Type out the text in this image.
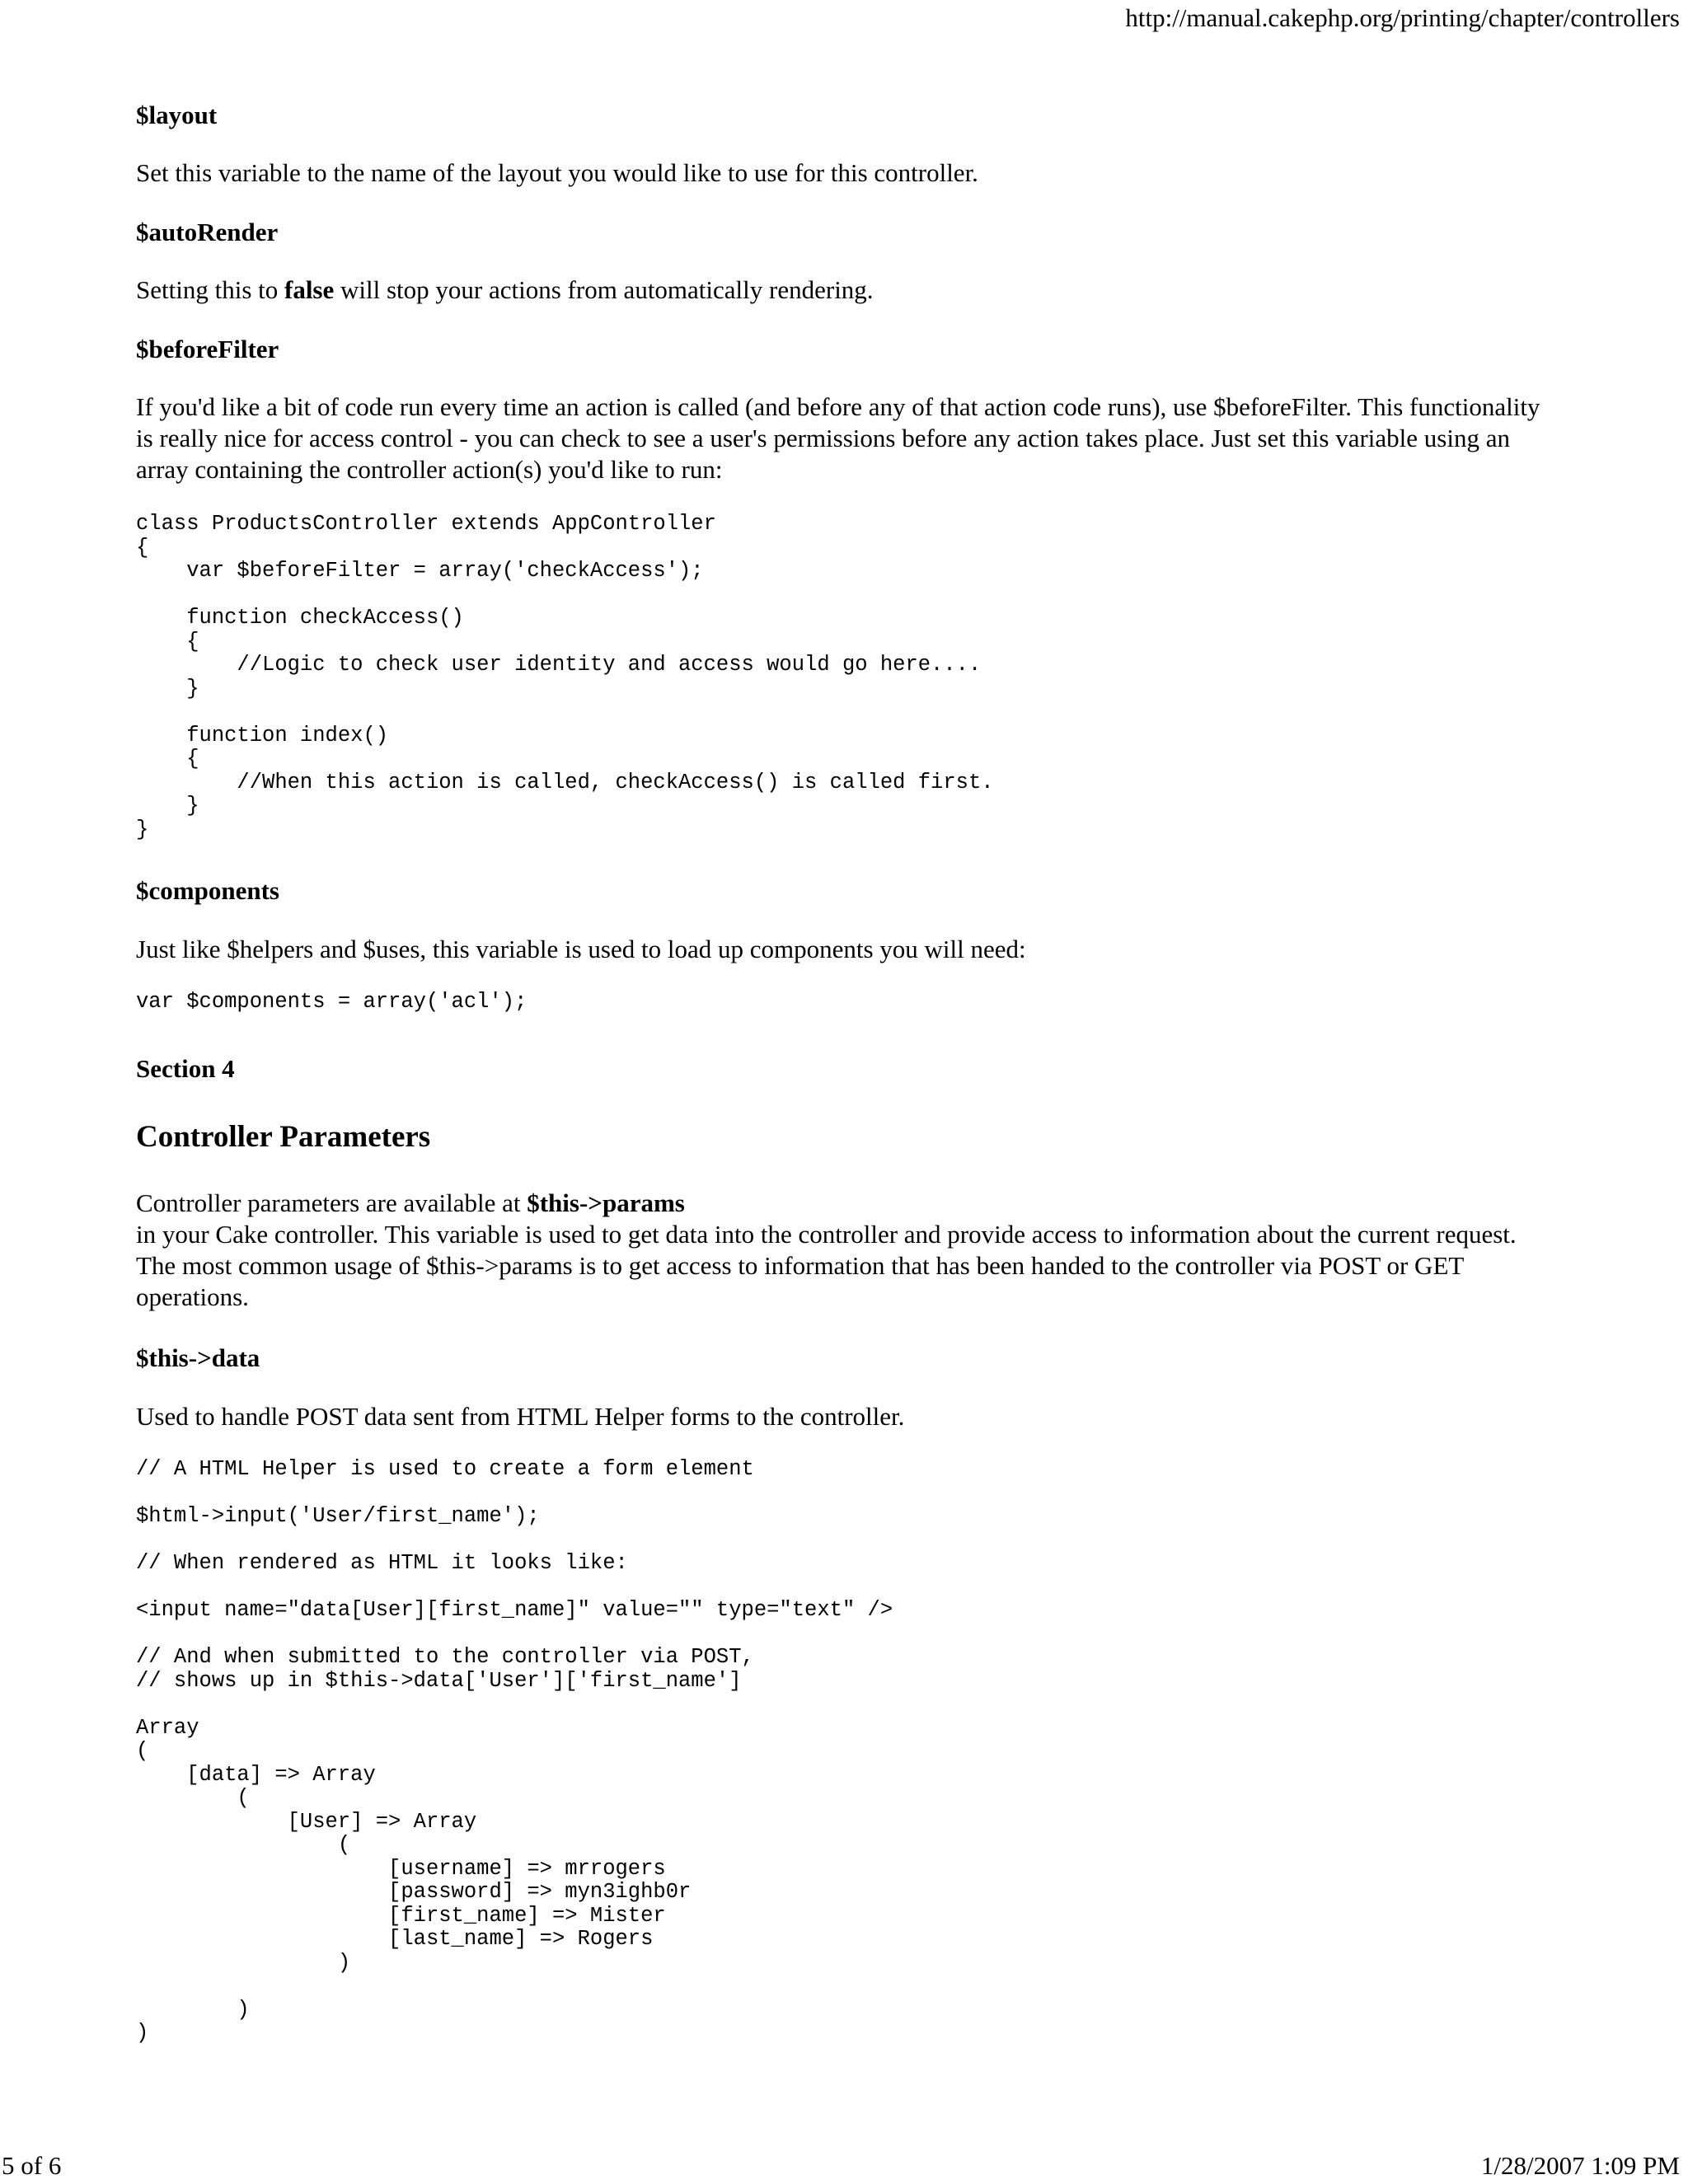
http://manual.cakephp.org/printing/chapter/controllers
$layout
Set this variable to the name of the layout you would like to use for this controller.
$autoRender
Setting this to false will stop your actions from automatically rendering.
$beforeFilter
If you'd like a bit of code run every time an action is called (and before any of that action code runs), use $beforeFilter. This functionality is really nice for access control - you can check to see a user's permissions before any action takes place. Just set this variable using an array containing the controller action(s) you'd like to run:
class ProductsController extends AppController
{
var $beforeFilter = array('checkAccess');

function checkAccess()
{
//Logic to check user identity and access would go here....
}

function index()
{
//When this action is called, checkAccess() is called first.
}
}
$components
Just like $helpers and $uses, this variable is used to load up components you will need:
var $components = array('acl');
Section 4
Controller Parameters
Controller parameters are available at $this->params
in your Cake controller. This variable is used to get data into the controller and provide access to information about the current request. The most common usage of $this->params is to get access to information that has been handed to the controller via POST or GET operations.
$this->data
Used to handle POST data sent from HTML Helper forms to the controller.
// A HTML Helper is used to create a form element

$html->input('User/first_name');

// When rendered as HTML it looks like:

<input name="data[User][first_name]" value="" type="text" />

// And when submitted to the controller via POST,
// shows up in $this->data['User']['first_name']

Array
(
[data] => Array
(
[User] => Array
(
[username] => mrrogers
[password] => myn3ighb0r
[first_name] => Mister
[last_name] => Rogers
)

)
)
5 of 6	1/28/2007 1:09 PM
